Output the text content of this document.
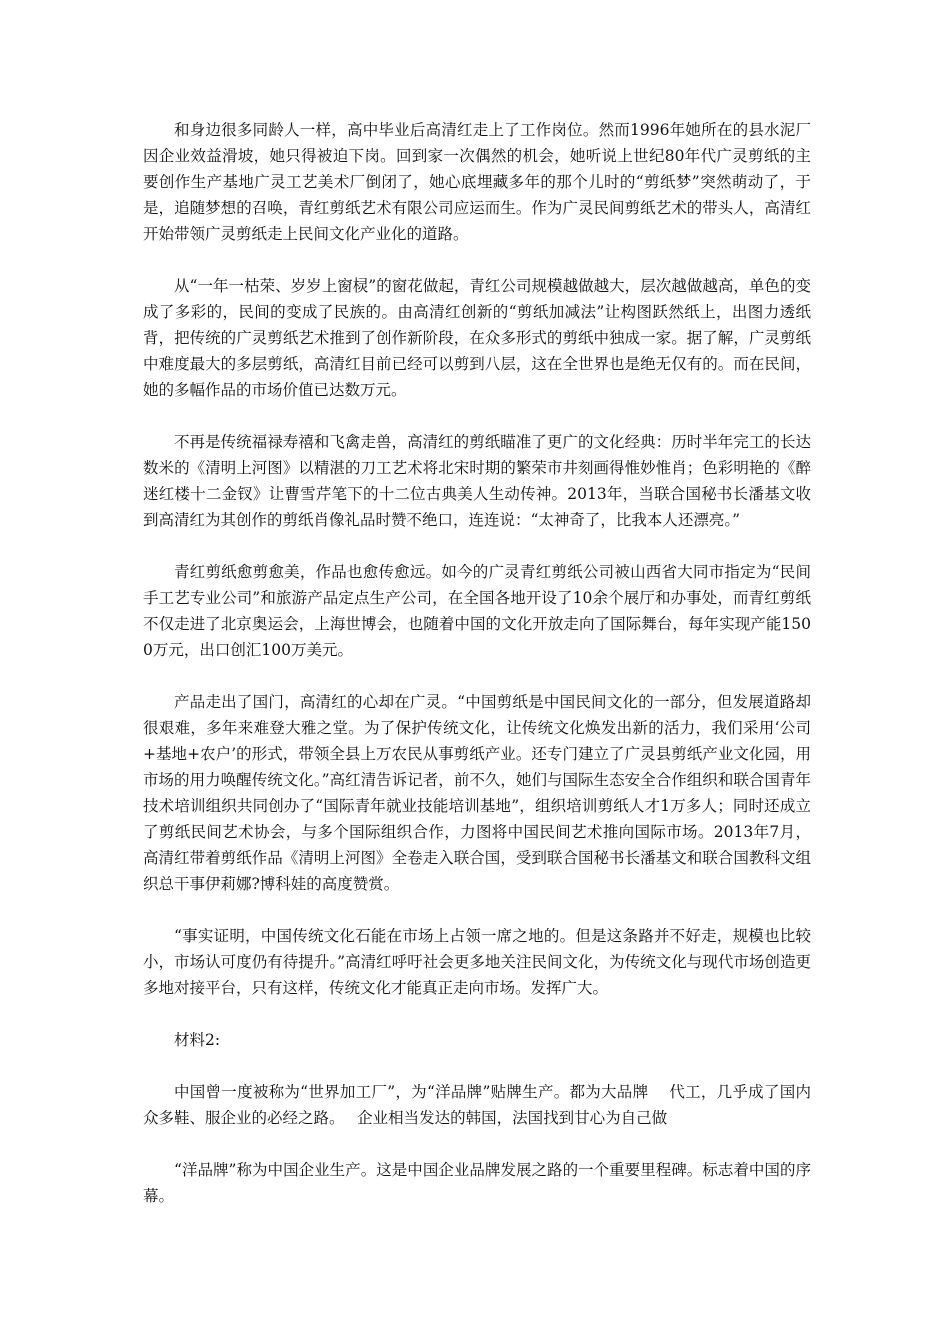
和身边很多同龄人一样，高中毕业后高清红走上了工作岗位。然而1996年她所在的县水泥厂因企业效益滑坡，她只得被迫下岗。回到家一次偶然的机会，她听说上世纪80年代广灵剪纸的主要创作生产基地广灵工艺美术厂倒闭了，她心底埋藏多年的那个儿时的“剪纸梦”突然萌动了，于是，追随梦想的召唤，青红剪纸艺术有限公司应运而生。作为广灵民间剪纸艺术的带头人，高清红开始带领广灵剪纸走上民间文化产业化的道路。

从“一年一枯荣、岁岁上窗棂”的窗花做起，青红公司规模越做越大，层次越做越高，单色的变成了多彩的，民间的变成了民族的。由高清红创新的“剪纸加减法”让构图跃然纸上，出图力透纸背，把传统的广灵剪纸艺术推到了创作新阶段，在众多形式的剪纸中独成一家。据了解，广灵剪纸中难度最大的多层剪纸，高清红目前已经可以剪到八层，这在全世界也是绝无仅有的。而在民间，她的多幅作品的市场价值已达数万元。

不再是传统福禄寿禧和飞禽走兽，高清红的剪纸瞄准了更广的文化经典：历时半年完工的长达数米的《清明上河图》以精湛的刀工艺术将北宋时期的繁荣市井刻画得惟妙惟肖；色彩明艳的《醉迷红楼十二金钗》让曹雪芹笔下的十二位古典美人生动传神。2013年，当联合国秘书长潘基文收到高清红为其创作的剪纸肖像礼品时赞不绝口，连连说：“太神奇了，比我本人还漂亮。”

青红剪纸愈剪愈美，作品也愈传愈远。如今的广灵青红剪纸公司被山西省大同市指定为“民间手工艺专业公司”和旅游产品定点生产公司，在全国各地开设了10余个展厅和办事处，而青红剪纸不仅走进了北京奥运会，上海世博会，也随着中国的文化开放走向了国际舞台，每年实现产能1500万元，出口创汇100万美元。

产品走出了国门，高清红的心却在广灵。“中国剪纸是中国民间文化的一部分，但发展道路却很艰难，多年来难登大雅之堂。为了保护传统文化，让传统文化焕发出新的活力，我们采用‘公司+基地+农户’的形式，带领全县上万农民从事剪纸产业。还专门建立了广灵县剪纸产业文化园，用市场的用力唤醒传统文化。”高红清告诉记者，前不久，她们与国际生态安全合作组织和联合国青年技术培训组织共同创办了“国际青年就业技能培训基地”，组织培训剪纸人才1万多人；同时还成立了剪纸民间艺术协会，与多个国际组织合作，力图将中国民间艺术推向国际市场。2013年7月，高清红带着剪纸作品《清明上河图》全卷走入联合国，受到联合国秘书长潘基文和联合国教科文组织总干事伊莉娜?博科娃的高度赞赏。

“事实证明，中国传统文化石能在市场上占领一席之地的。但是这条路并不好走，规模也比较小，市场认可度仍有待提升。”高清红呼吁社会更多地关注民间文化，为传统文化与现代市场创造更多地对接平台，只有这样，传统文化才能真正走向市场。发挥广大。

材料2:

中国曾一度被称为“世界加工厂”，为“洋品牌”贴牌生产。都为大品牌　 代工，几乎成了国内众多鞋、服企业的必经之路。　 企业相当发达的韩国，法国找到甘心为自己做

“洋品牌”称为中国企业生产。这是中国企业品牌发展之路的一个重要里程碑。标志着中国的序幕。
